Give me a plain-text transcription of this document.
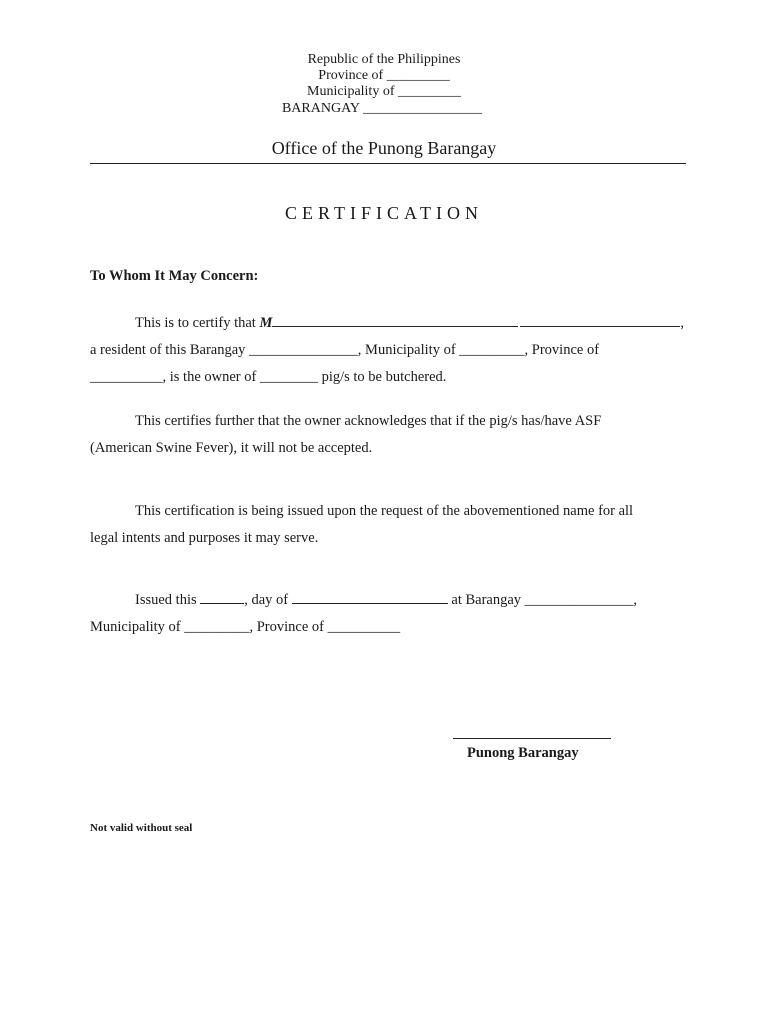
Republic of the Philippines
Province of _________
Municipality of _________
BARANGAY _________________
Office of the Punong Barangay
CERTIFICATION
To Whom It May Concern:
This is to certify that M	,
a resident of this Barangay _______________, Municipality of _________, Province of
__________, is the owner of ________ pig/s to be butchered.
This certifies further that the owner acknowledges that if the pig/s has/have ASF
(American Swine Fever), it will not be accepted.
This certification is being issued upon the request of the abovementioned name for all
legal intents and purposes it may serve.
Issued this	, day of	at Barangay _______________,
Municipality of _________, Province of __________
Punong Barangay
Not valid without seal
